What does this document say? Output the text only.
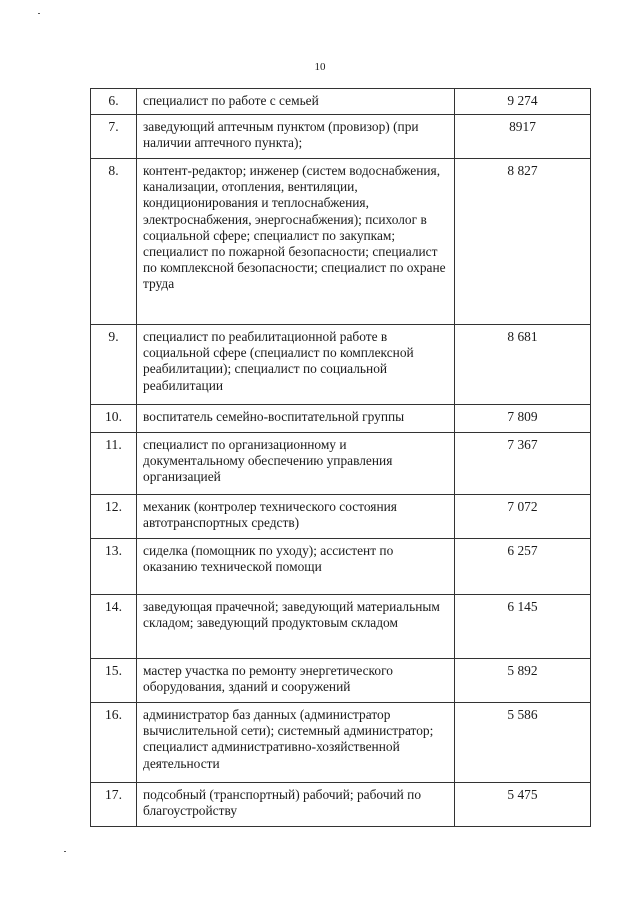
10
6.	специалист по работе с семьей	9 274
7.	заведующий аптечным пунктом (провизор) (при наличии аптечного пункта);	8917
8.	контент-редактор; инженер (систем водоснабжения, канализации, отопления, вентиляции, кондиционирования и теплоснабжения, электроснабжения, энергоснабжения); психолог в социальной сфере; специалист по закупкам; специалист по пожарной безопасности; специалист по комплексной безопасности; специалист по охране труда	8 827
9.	специалист по реабилитационной работе в социальной сфере (специалист по комплексной реабилитации); специалист по социальной реабилитации	8 681
10.	воспитатель семейно-воспитательной группы	7 809
11.	специалист по организационному и документальному обеспечению управления организацией	7 367
12.	механик (контролер технического состояния автотранспортных средств)	7 072
13.	сиделка (помощник по уходу); ассистент по оказанию технической помощи	6 257
14.	заведующая прачечной; заведующий материальным складом; заведующий продуктовым складом	6 145
15.	мастер участка по ремонту энергетического оборудования, зданий и сооружений	5 892
16.	администратор баз данных (администратор вычислительной сети); системный администратор; специалист административно-хозяйственной деятельности	5 586
17.	подсобный (транспортный) рабочий; рабочий по благоустройству	5 475
